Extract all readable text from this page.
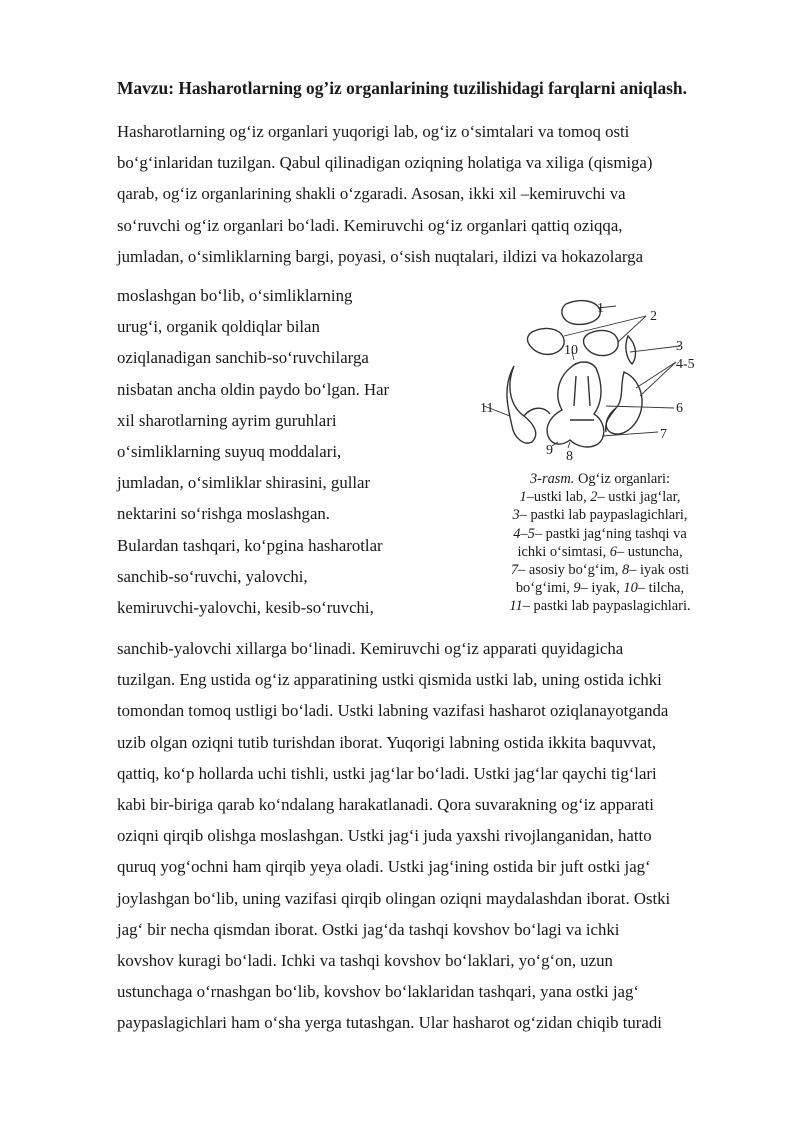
Mavzu: Hasharotlarning og’iz organlarining tuzilishidagi farqlarni aniqlash.
Hasharotlarning og‘iz organlari yuqorigi lab, og‘iz o‘simtalari va tomoq osti
bo‘g‘inlaridan tuzilgan. Qabul qilinadigan oziqning holatiga va xiliga (qismiga)
qarab, og‘iz organlarining shakli o‘zgaradi. Asosan, ikki xil –kemiruvchi va
so‘ruvchi og‘iz organlari bo‘ladi. Kemiruvchi og‘iz organlari qattiq oziqqa,
jumladan, o‘simliklarning bargi, poyasi, o‘sish nuqtalari, ildizi va hokazolarga
moslashgan bo‘lib, o‘simliklarning
urug‘i, organik qoldiqlar bilan
oziqlanadigan sanchib-so‘ruvchilarga
nisbatan ancha oldin paydo bo‘lgan. Har
xil sharotlarning ayrim guruhlari
o‘simliklarning suyuq moddalari,
jumladan, o‘simliklar shirasini, gullar
nektarini so‘rishga moslashgan.
Bulardan tashqari, ko‘pgina hasharotlar
sanchib-so‘ruvchi, yalovchi,
kemiruvchi-yalovchi, kesib-so‘ruvchi,
1
2
3
4-5
6
7
8
9
10
11
3-rasm. Og‘iz organlari:
1–ustki lab, 2– ustki jag‘lar,
3– pastki lab paypaslagichlari,
4–5– pastki jag‘ning tashqi va
ichki o‘simtasi, 6– ustuncha,
7– asosiy bo‘g‘im, 8– iyak osti
bo‘g‘imi, 9– iyak, 10– tilcha,
11– pastki lab paypaslagichlari.
sanchib-yalovchi xillarga bo‘linadi. Kemiruvchi og‘iz apparati quyidagicha
tuzilgan. Eng ustida og‘iz apparatining ustki qismida ustki lab, uning ostida ichki
tomondan tomoq ustligi bo‘ladi. Ustki labning vazifasi hasharot oziqlanayotganda
uzib olgan oziqni tutib turishdan iborat. Yuqorigi labning ostida ikkita baquvvat,
qattiq, ko‘p hollarda uchi tishli, ustki jag‘lar bo‘ladi. Ustki jag‘lar qaychi tig‘lari
kabi bir-biriga qarab ko‘ndalang harakatlanadi. Qora suvarakning og‘iz apparati
oziqni qirqib olishga moslashgan. Ustki jag‘i juda yaxshi rivojlanganidan, hatto
quruq yog‘ochni ham qirqib yeya oladi. Ustki jag‘ining ostida bir juft ostki jag‘
joylashgan bo‘lib, uning vazifasi qirqib olingan oziqni maydalashdan iborat. Ostki
jag‘ bir necha qismdan iborat. Ostki jag‘da tashqi kovshov bo‘lagi va ichki
kovshov kuragi bo‘ladi. Ichki va tashqi kovshov bo‘laklari, yo‘g‘on, uzun
ustunchaga o‘rnashgan bo‘lib, kovshov bo‘laklaridan tashqari, yana ostki jag‘
paypaslagichlari ham o‘sha yerga tutashgan. Ular hasharot og‘zidan chiqib turadi
